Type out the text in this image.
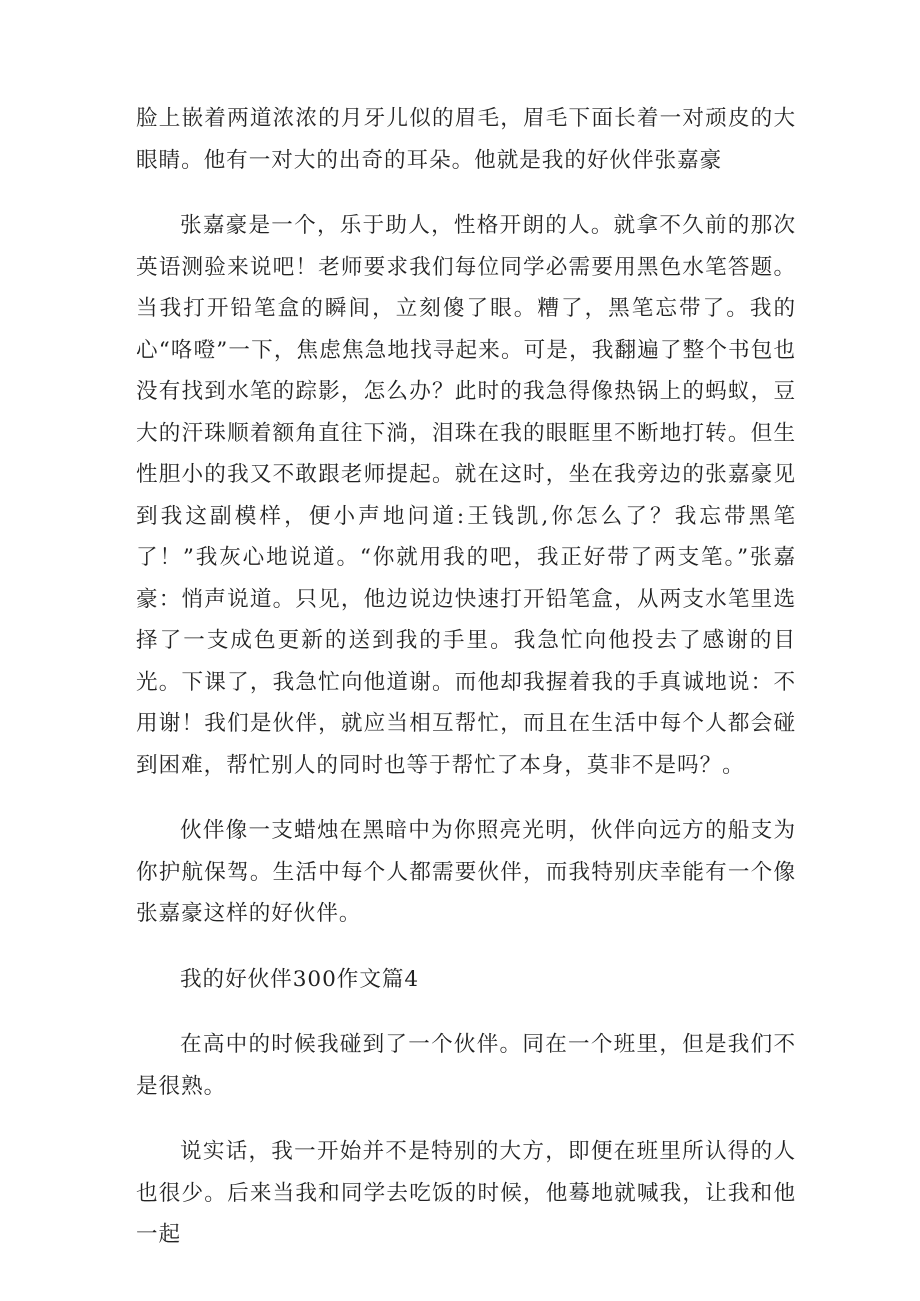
脸上嵌着两道浓浓的月牙儿似的眉毛，眉毛下面长着一对顽皮的大眼睛。他有一对大的出奇的耳朵。他就是我的好伙伴张嘉豪

张嘉豪是一个，乐于助人，性格开朗的人。就拿不久前的那次英语测验来说吧！老师要求我们每位同学必需要用黑色水笔答题。当我打开铅笔盒的瞬间，立刻傻了眼。糟了，黑笔忘带了。我的心“咯噔”一下，焦虑焦急地找寻起来。可是，我翻遍了整个书包也没有找到水笔的踪影，怎么办？此时的我急得像热锅上的蚂蚁，豆大的汗珠顺着额角直往下淌，泪珠在我的眼眶里不断地打转。但生性胆小的我又不敢跟老师提起。就在这时，坐在我旁边的张嘉豪见到我这副模样，便小声地问道:王钱凯,你怎么了？我忘带黑笔了！”我灰心地说道。“你就用我的吧，我正好带了两支笔。”张嘉豪：悄声说道。只见，他边说边快速打开铅笔盒，从两支水笔里选择了一支成色更新的送到我的手里。我急忙向他投去了感谢的目光。下课了，我急忙向他道谢。而他却我握着我的手真诚地说：不用谢！我们是伙伴，就应当相互帮忙，而且在生活中每个人都会碰到困难，帮忙别人的同时也等于帮忙了本身，莫非不是吗？。

伙伴像一支蜡烛在黑暗中为你照亮光明，伙伴向远方的船支为你护航保驾。生活中每个人都需要伙伴，而我特别庆幸能有一个像张嘉豪这样的好伙伴。

我的好伙伴300作文篇4

在高中的时候我碰到了一个伙伴。同在一个班里，但是我们不是很熟。

说实话，我一开始并不是特别的大方，即便在班里所认得的人也很少。后来当我和同学去吃饭的时候，他蓦地就喊我，让我和他一起
